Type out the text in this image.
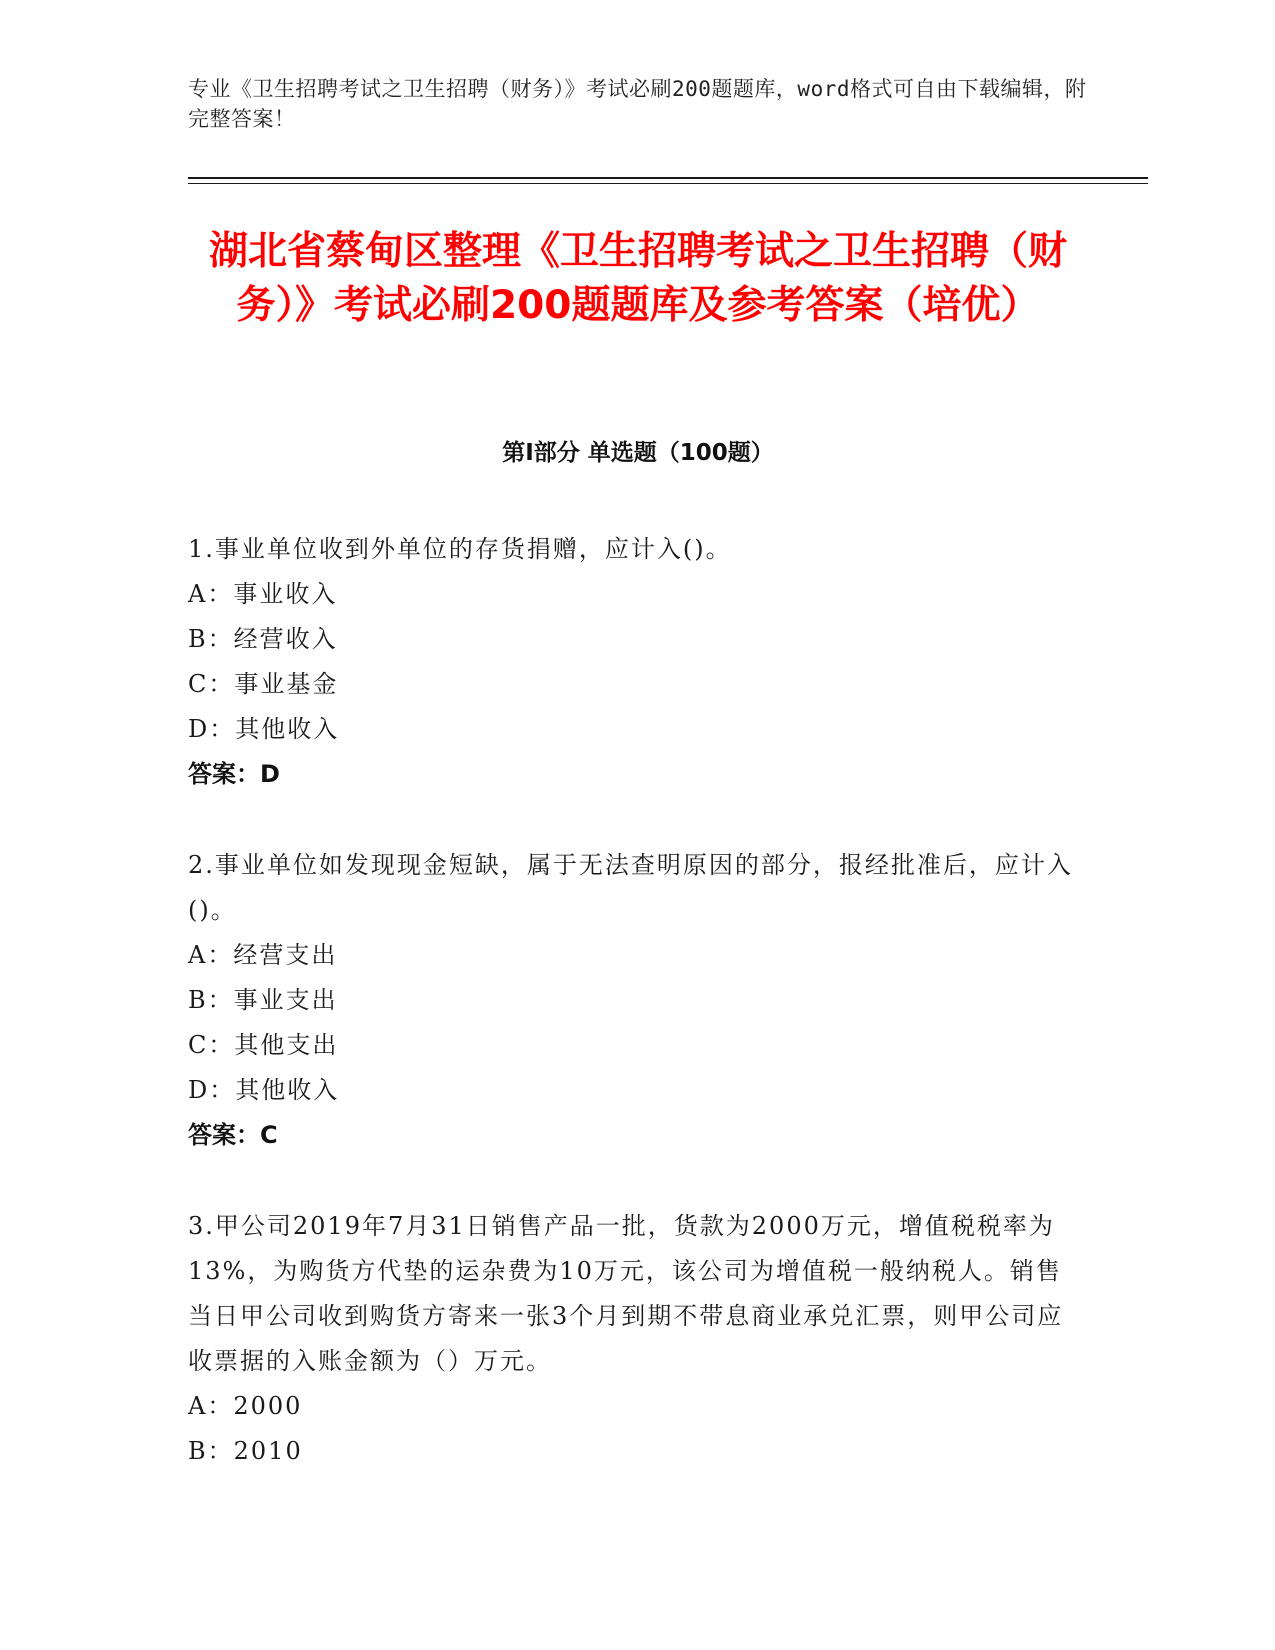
专业《卫生招聘考试之卫生招聘（财务）》考试必刷200题题库，word格式可自由下载编辑，附完整答案！
湖北省蔡甸区整理《卫生招聘考试之卫生招聘（财务）》考试必刷200题题库及参考答案（培优）
第I部分 单选题（100题）

1.事业单位收到外单位的存货捐赠，应计入()。

A：事业收入

B：经营收入

C：事业基金

D：其他收入

答案：D

2.事业单位如发现现金短缺，属于无法查明原因的部分，报经批准后，应计入()。

A：经营支出

B：事业支出

C：其他支出

D：其他收入

答案：C

3.甲公司2019年7月31日销售产品一批，货款为2000万元，增值税税率为13%，为购货方代垫的运杂费为10万元，该公司为增值税一般纳税人。销售当日甲公司收到购货方寄来一张3个月到期不带息商业承兑汇票，则甲公司应收票据的入账金额为（）万元。

A：2000

B：2010
